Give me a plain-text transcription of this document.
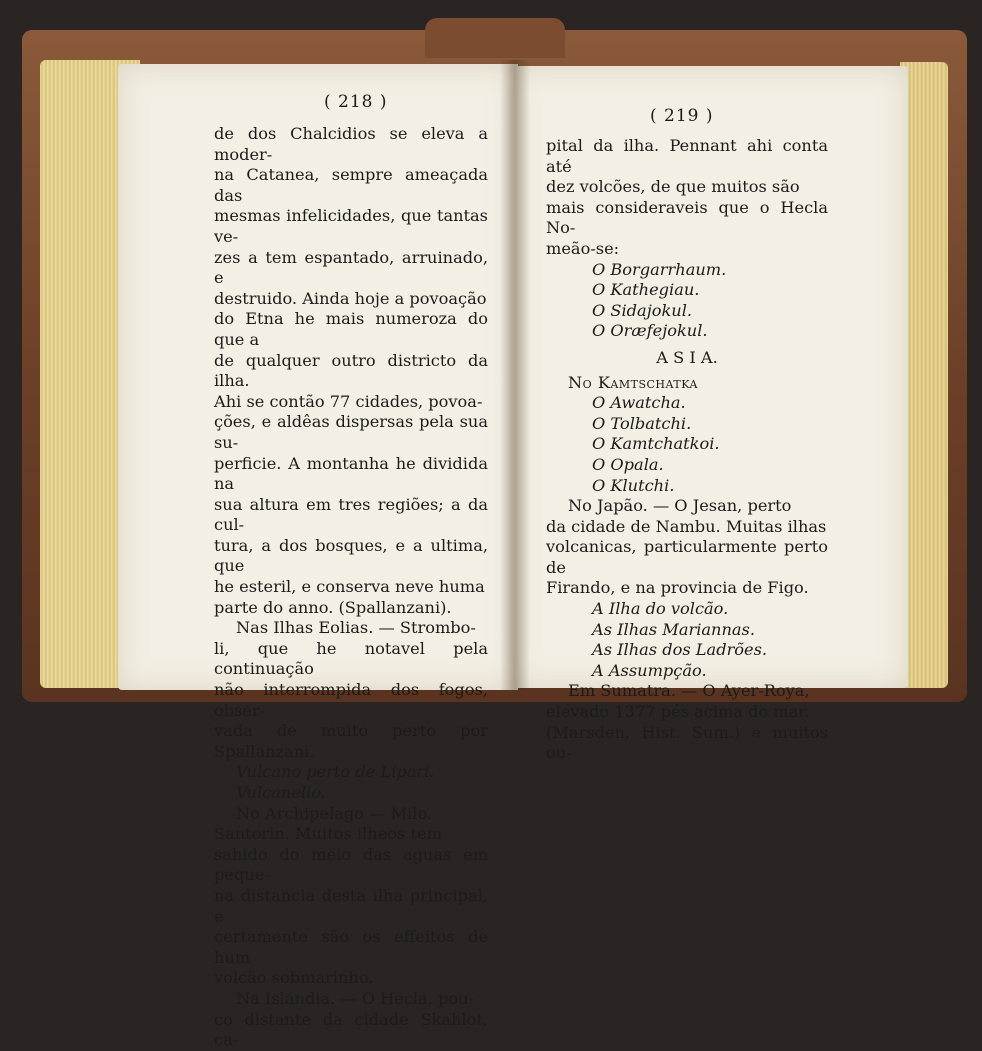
( 218 )

de dos Chalcidios se eleva a moder-

na Catanea, sempre ameaçada das

mesmas infelicidades, que tantas ve-

zes a tem espantado, arruinado, e

destruido. Ainda hoje a povoação

do Etna he mais numeroza do que a

de qualquer outro districto da ilha.

Ahi se contão 77 cidades, povoa-

ções, e aldêas dispersas pela sua su-

perficie. A montanha he dividida na

sua altura em tres regiões; a da cul-

tura, a dos bosques, e a ultima, que

he esteril, e conserva neve huma

parte do anno. (Spallanzani).

Nas Ilhas Eolias. — Strombo-

li, que he notavel pela continuação

não interrompida dos fogos, obser-

vada de muito perto por Spallanzani.

Vulcano perto de Lipari.

Vulcanello.

No Archipelago — Milo.

Santorin. Muitos ilheos tem

sahido do meio das aguas em peque-

na distancia desta ilha principal, e

certamente são os effeitos de hum

volcão sobmarinho.

Na Islandia. — O Hecla, pou-

co distante da cidade Skahlot, ca-

( 219 )

pital da ilha. Pennant ahi conta até

dez volcões, de que muitos são

mais consideraveis que o Hecla No-

meão-se:

O Borgarrhaum.

O Kathegiau.

O Sidajokul.

O Oræfejokul.

A S I A.

No Kamtschatka

O Awatcha.

O Tolbatchi.

O Kamtchatkoi.

O Opala.

O Klutchi.

No Japão. — O Jesan, perto

da cidade de Nambu. Muitas ilhas

volcanicas, particularmente perto de

Firando, e na provincia de Figo.

A Ilha do volcão.

As Ilhas Mariannas.

As Ilhas dos Ladrões.

A Assumpção.

Em Sumatra. — O Ayer-Roya,

elevado 1377 pés acima do mar.

(Marsden, Hist. Sum.) e muitos ou-
